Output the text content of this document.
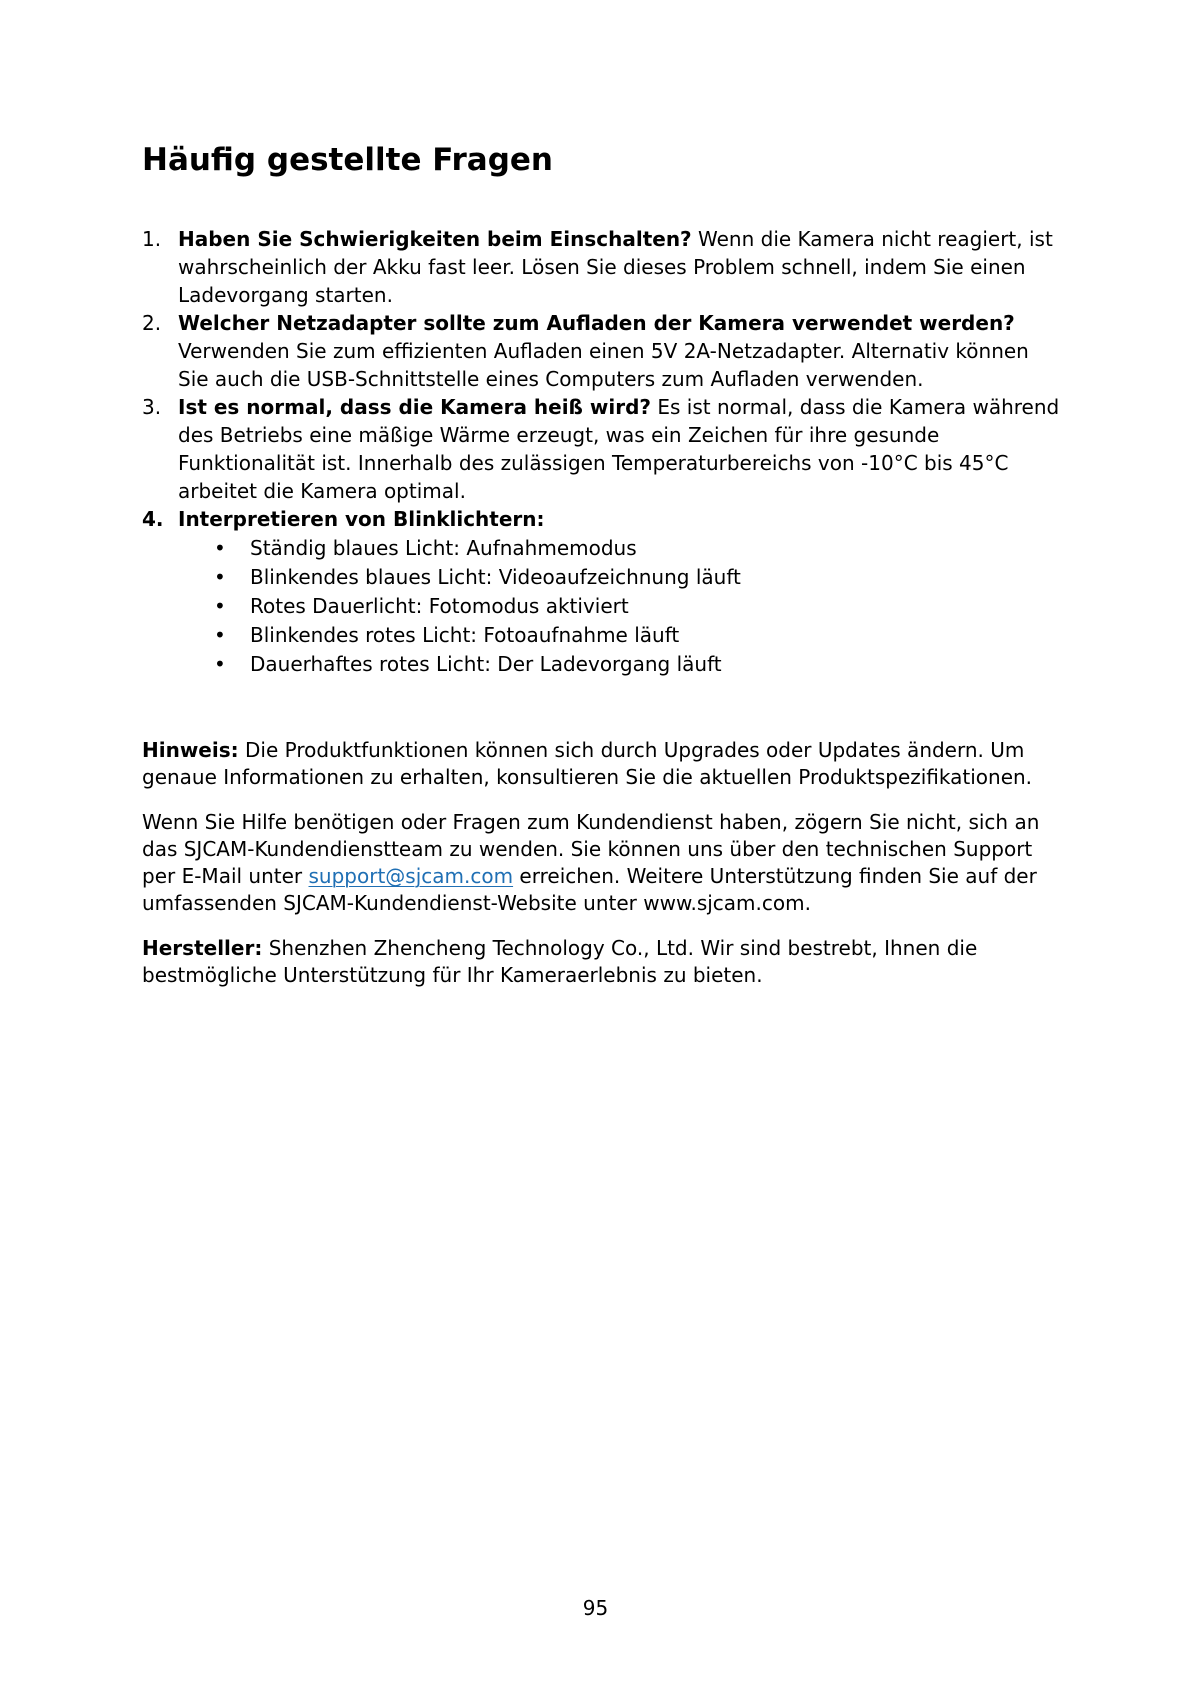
Häufig gestellte Fragen
1. Haben Sie Schwierigkeiten beim Einschalten? Wenn die Kamera nicht reagiert, ist wahrscheinlich der Akku fast leer. Lösen Sie dieses Problem schnell, indem Sie einen Ladevorgang starten.
2. Welcher Netzadapter sollte zum Aufladen der Kamera verwendet werden? Verwenden Sie zum effizienten Aufladen einen 5V 2A-Netzadapter. Alternativ können Sie auch die USB-Schnittstelle eines Computers zum Aufladen verwenden.
3. Ist es normal, dass die Kamera heiß wird? Es ist normal, dass die Kamera während des Betriebs eine mäßige Wärme erzeugt, was ein Zeichen für ihre gesunde Funktionalität ist. Innerhalb des zulässigen Temperaturbereichs von -10°C bis 45°C arbeitet die Kamera optimal.
4. Interpretieren von Blinklichtern:
• Ständig blaues Licht: Aufnahmemodus
• Blinkendes blaues Licht: Videoaufzeichnung läuft
• Rotes Dauerlicht: Fotomodus aktiviert
• Blinkendes rotes Licht: Fotoaufnahme läuft
• Dauerhaftes rotes Licht: Der Ladevorgang läuft

Hinweis: Die Produktfunktionen können sich durch Upgrades oder Updates ändern. Um genaue Informationen zu erhalten, konsultieren Sie die aktuellen Produktspezifikationen.

Wenn Sie Hilfe benötigen oder Fragen zum Kundendienst haben, zögern Sie nicht, sich an das SJCAM-Kundendienstteam zu wenden. Sie können uns über den technischen Support per E-Mail unter support@sjcam.com erreichen. Weitere Unterstützung finden Sie auf der umfassenden SJCAM-Kundendienst-Website unter www.sjcam.com.

Hersteller: Shenzhen Zhencheng Technology Co., Ltd. Wir sind bestrebt, Ihnen die bestmögliche Unterstützung für Ihr Kameraerlebnis zu bieten.

95
